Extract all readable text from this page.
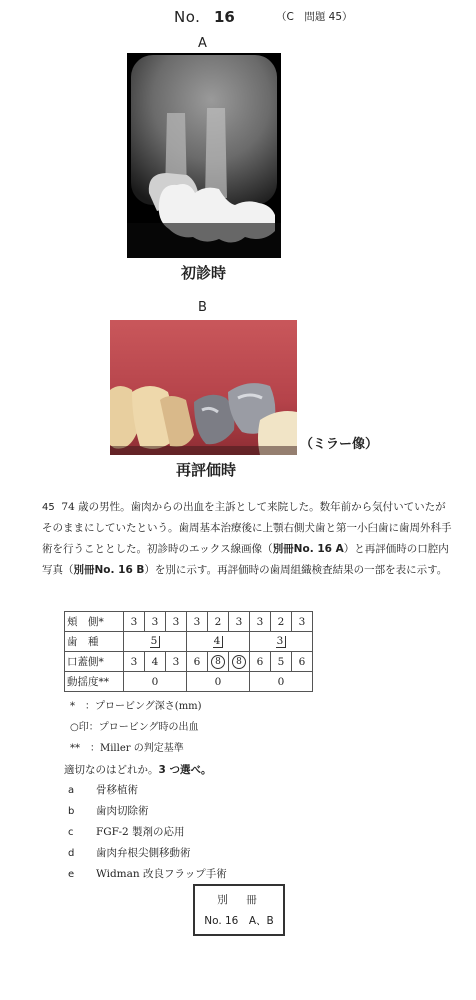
No. 16	（C　問題 45）
A
初診時
B
（ミラー像）
再評価時
45 74 歳の男性。歯肉からの出血を主訴として来院した。数年前から気付いていたがそのままにしていたという。歯周基本治療後に上顎右側犬歯と第一小臼歯に歯周外科手術を行うこととした。初診時のエックス線画像（別冊No. 16 A）と再評価時の口腔内写真（別冊No. 16 B）を別に示す。再評価時の歯周組織検査結果の一部を表に示す。
頬　側*	3	3	3	3	2	3	3	2	3
歯　種	5			4			3		
口蓋側*	3	4	3	6	8	8	6	5	6
動揺度**	0			0			0		
*　：プロービング深さ(mm)
○印：プロービング時の出血
**　：Miller の判定基準
適切なのはどれか。3 つ選べ。
a 骨移植術
b 歯肉切除術
c FGF-2 製剤の応用
d 歯肉弁根尖側移動術
e Widman 改良フラップ手術
別　冊
No. 16　A、B
